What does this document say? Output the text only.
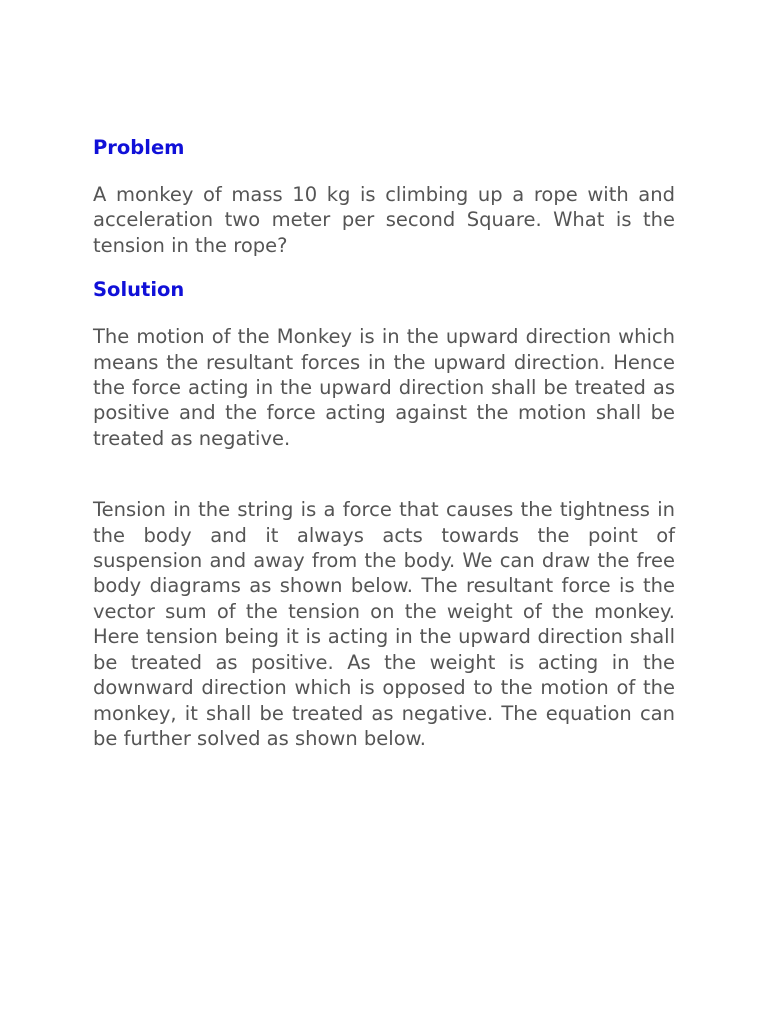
Problem

A monkey of mass 10 kg is climbing up a rope with and acceleration two meter per second Square. What is the tension in the rope?

Solution

The motion of the Monkey is in the upward direction which means the resultant forces in the upward direction. Hence the force acting in the upward direction shall be treated as positive and the force acting against the motion shall be treated as negative.

Tension in the string is a force that causes the tightness in the body and it always acts towards the point of suspension and away from the body. We can draw the free body diagrams as shown below. The resultant force is the vector sum of the tension on the weight of the monkey. Here tension being it is acting in the upward direction shall be treated as positive. As the weight is acting in the downward direction which is opposed to the motion of the monkey, it shall be treated as negative. The equation can be further solved as shown below.
